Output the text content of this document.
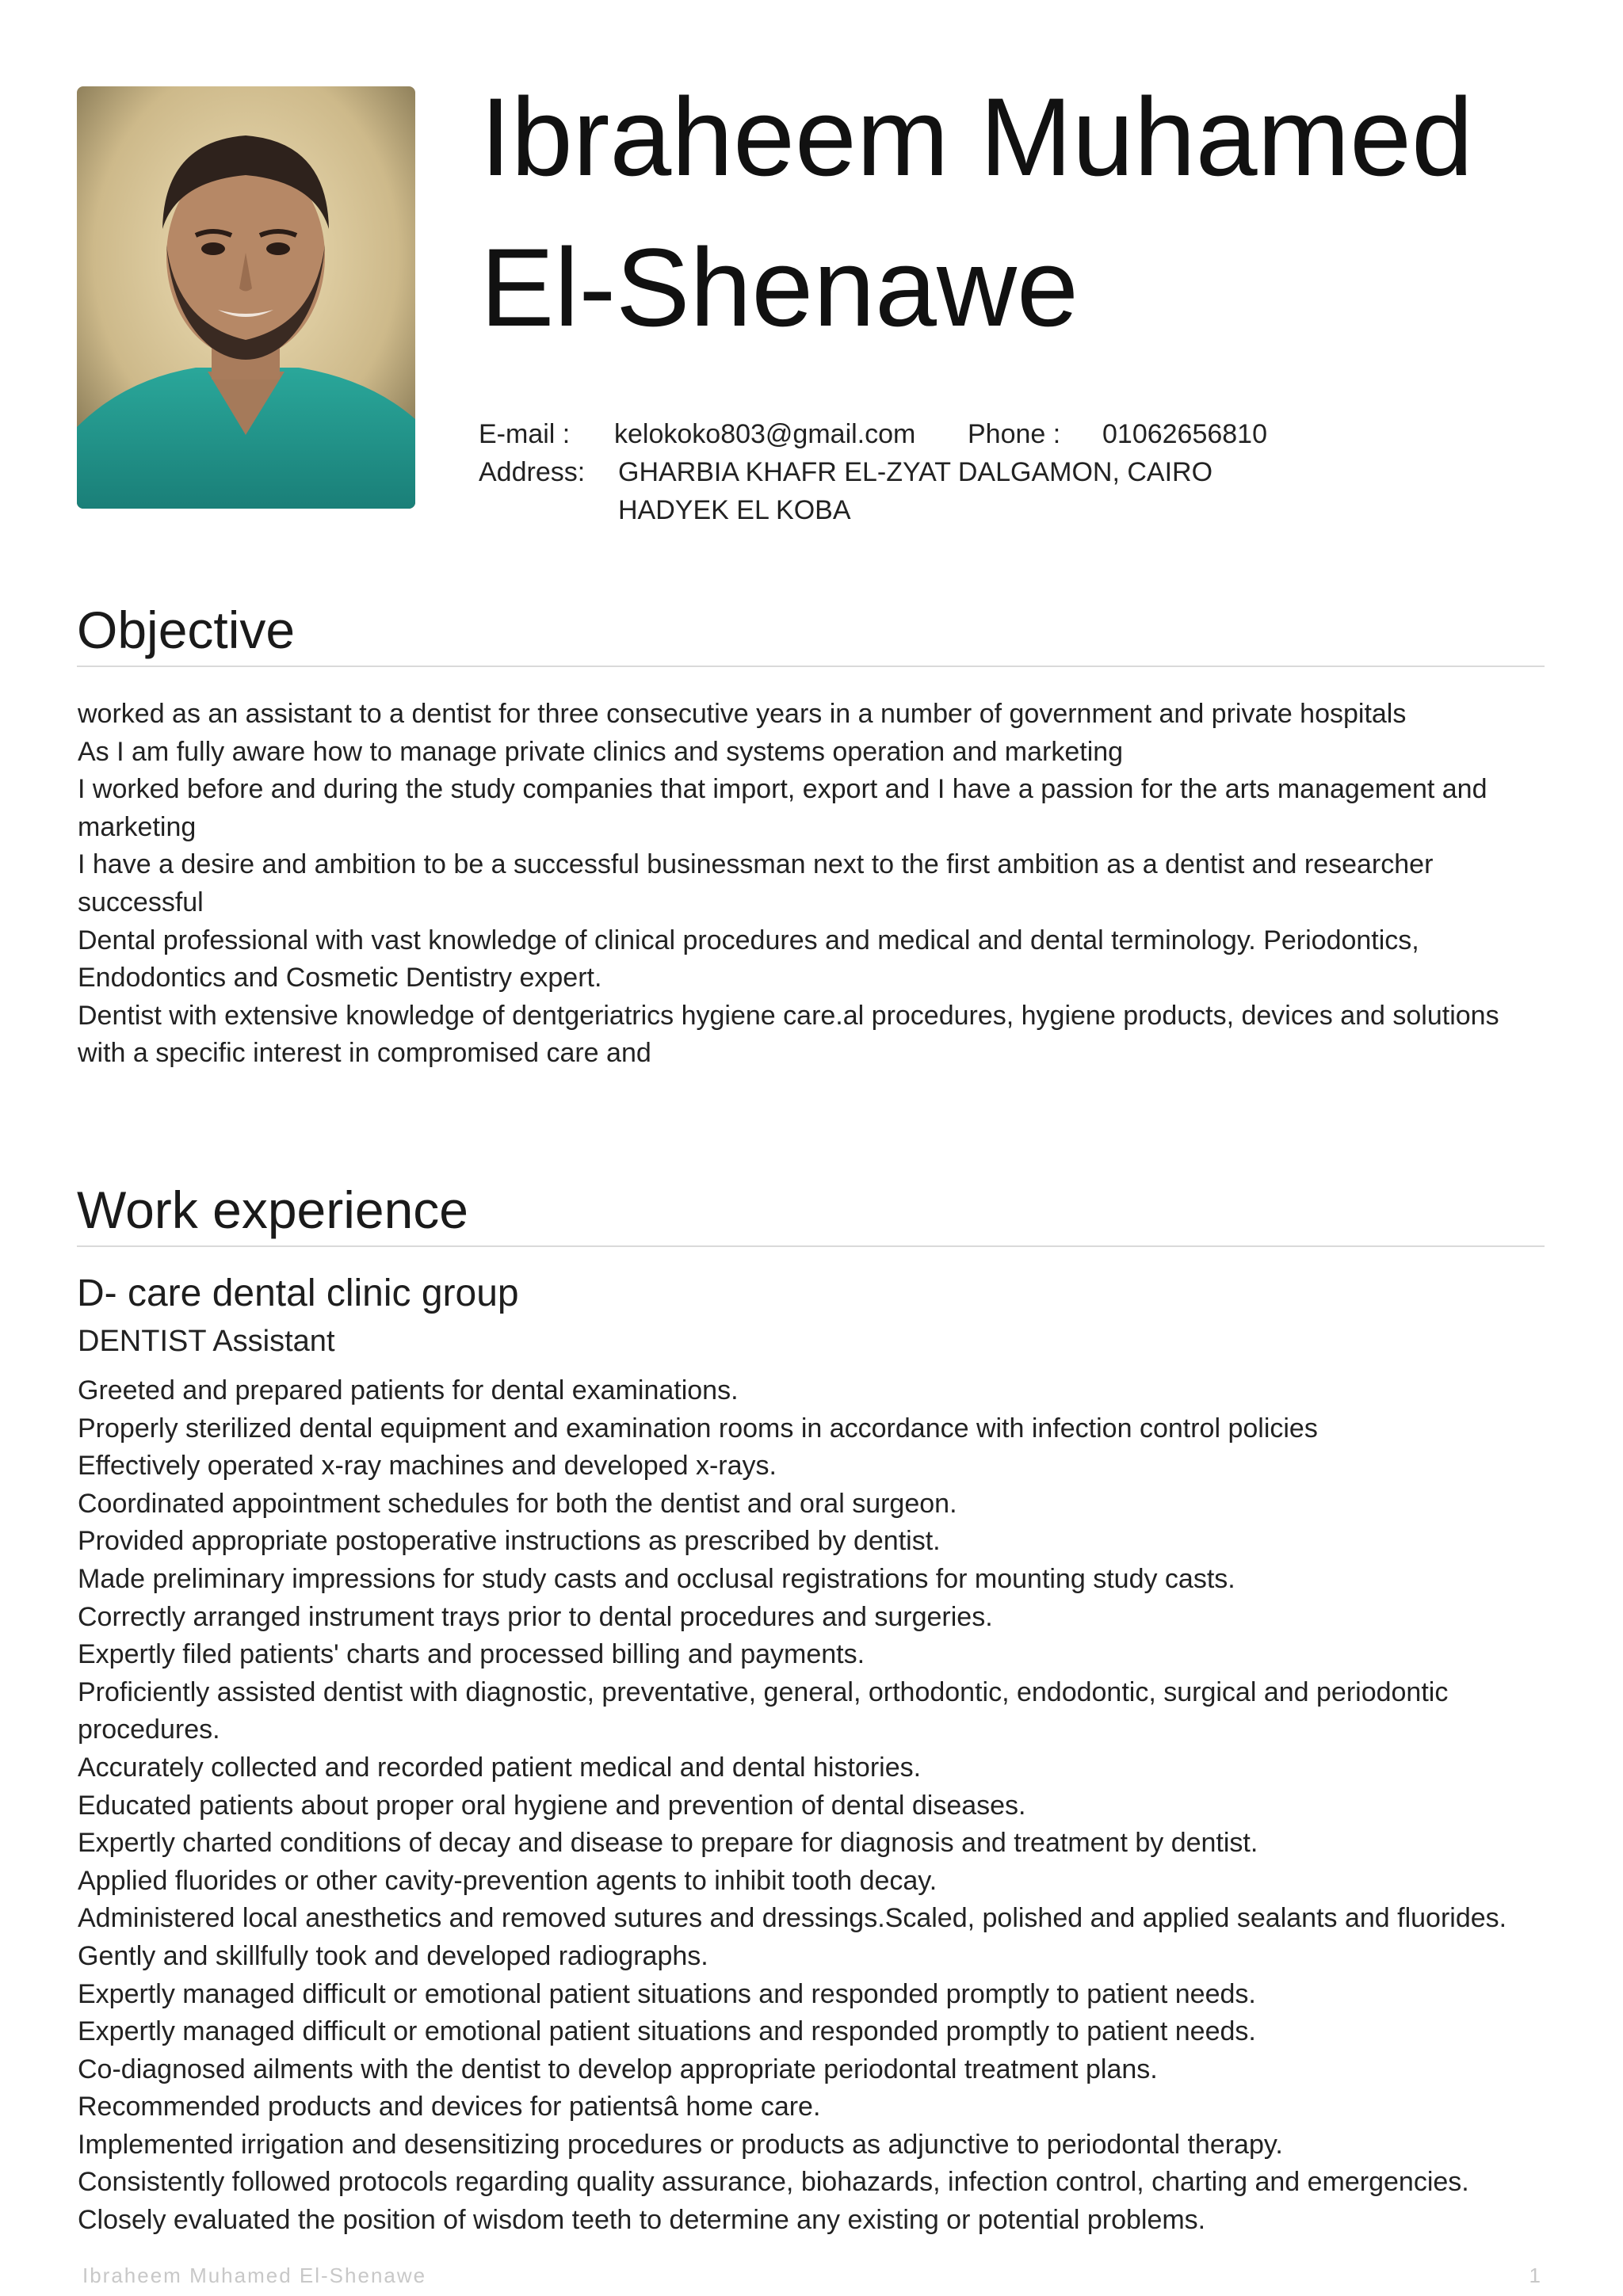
Ibraheem Muhamed
El-Shenawe
E-mail :	kelokoko803@gmail.com	Phone :	01062656810
Address:	GHARBIA KHAFR EL-ZYAT DALGAMON, CAIRO
HADYEK EL KOBA
Objective

worked as an assistant to a dentist for three consecutive years in a number of government and private hospitals

As I am fully aware how to manage private clinics and systems operation and marketing

I worked before and during the study companies that import, export and I have a passion for the arts management and marketing

I have a desire and ambition to be a successful businessman next to the first ambition as a dentist and researcher successful

Dental professional with vast knowledge of clinical procedures and medical and dental terminology. Periodontics, Endodontics and Cosmetic Dentistry expert.

Dentist with extensive knowledge of dentgeriatrics hygiene care.al procedures, hygiene products, devices and solutions with a specific interest in compromised care and

Work experience
D- care dental clinic group
DENTIST Assistant
Greeted and prepared patients for dental examinations.
Properly sterilized dental equipment and examination rooms in accordance with infection control policies
Effectively operated x-ray machines and developed x-rays.
Coordinated appointment schedules for both the dentist and oral surgeon.
Provided appropriate postoperative instructions as prescribed by dentist.
Made preliminary impressions for study casts and occlusal registrations for mounting study casts.
Correctly arranged instrument trays prior to dental procedures and surgeries.
Expertly filed patients' charts and processed billing and payments.
Proficiently assisted dentist with diagnostic, preventative, general, orthodontic, endodontic, surgical and periodontic procedures.
Accurately collected and recorded patient medical and dental histories.
Educated patients about proper oral hygiene and prevention of dental diseases.
Expertly charted conditions of decay and disease to prepare for diagnosis and treatment by dentist.
Applied fluorides or other cavity-prevention agents to inhibit tooth decay.
Administered local anesthetics and removed sutures and dressings.Scaled, polished and applied sealants and fluorides.
Gently and skillfully took and developed radiographs.
Expertly managed difficult or emotional patient situations and responded promptly to patient needs.
Expertly managed difficult or emotional patient situations and responded promptly to patient needs.
Co-diagnosed ailments with the dentist to develop appropriate periodontal treatment plans.
Recommended products and devices for patientsâ home care.
Implemented irrigation and desensitizing procedures or products as adjunctive to periodontal therapy.
Consistently followed protocols regarding quality assurance, biohazards, infection control, charting and emergencies.
Closely evaluated the position of wisdom teeth to determine any existing or potential problems.
Ibraheem Muhamed El-Shenawe	1
